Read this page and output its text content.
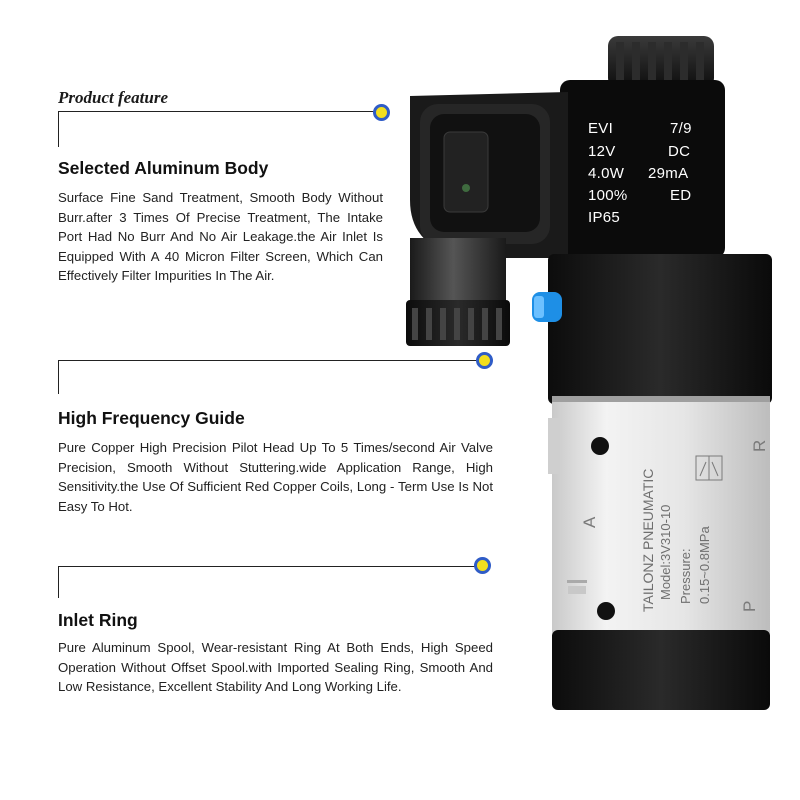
Product feature
Selected Aluminum Body
Surface Fine Sand Treatment, Smooth Body Without Burr.after 3 Times Of Precise Treatment, The Intake Port Had No Burr And No Air Leakage.the Air Inlet Is Equipped With A 40 Micron Filter Screen, Which Can Effectively Filter Impurities In The Air.
High Frequency Guide
Pure Copper High Precision Pilot Head Up To 5 Times/second Air Valve Precision, Smooth Without Stuttering.wide Application Range, High Sensitivity.the Use Of Sufficient Red Copper Coils, Long - Term Use Is Not Easy To Hot.
Inlet Ring
Pure Aluminum Spool, Wear-resistant Ring At Both Ends, High Speed Operation Without Offset Spool.with Imported Sealing Ring, Smooth And Low Resistance, Excellent Stability And Long Working Life.
EVI	7/9
12V	DC
4.0W 29mA
100%	ED
IP65
TAILONZ PNEUMATIC Model:3V310-10 Pressure: 0.15~0.8MPa
A
R
P
